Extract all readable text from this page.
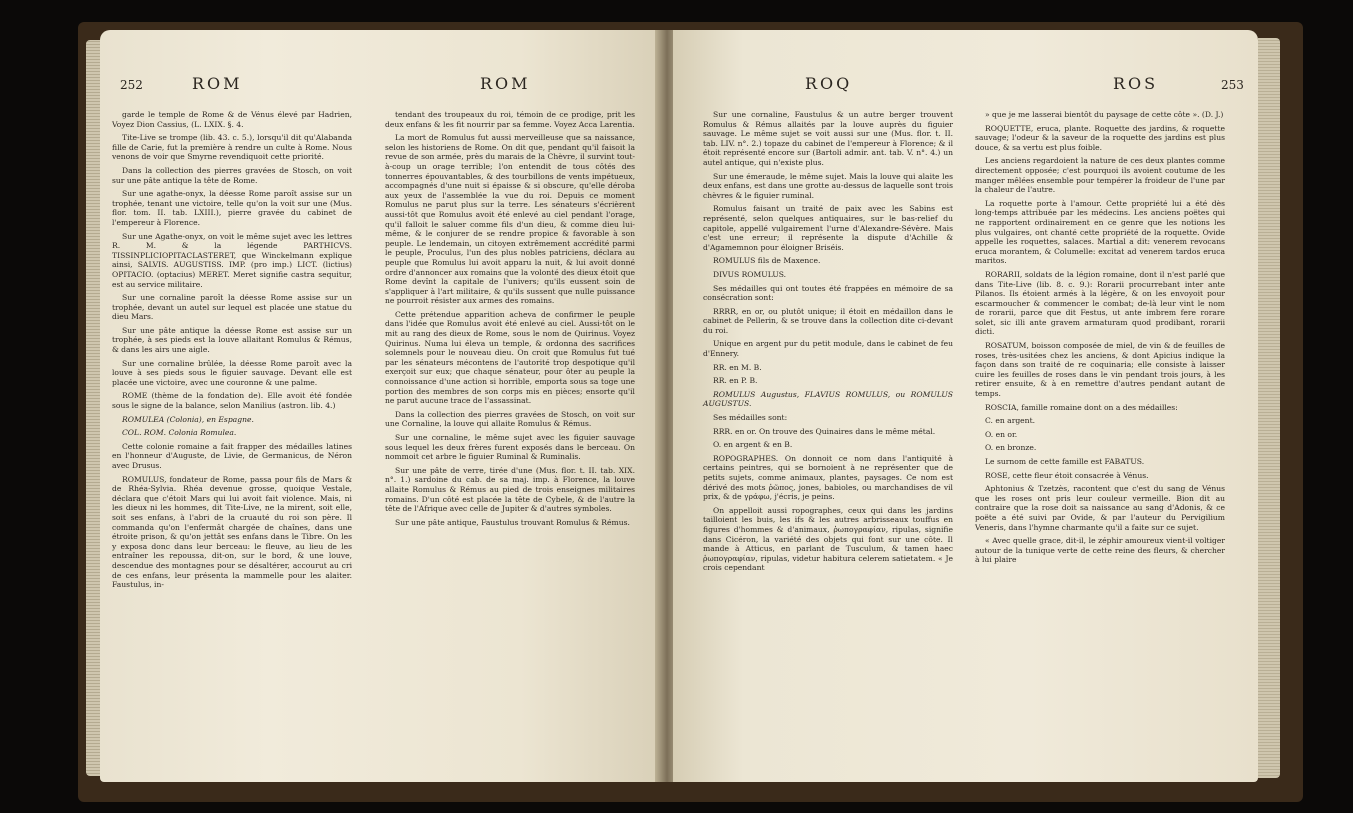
252	ROM	ROM

garde le temple de Rome & de Vénus élevé par Hadrien, Voyez Dion Cassius, (L. LXIX. §. 4.

Tite-Live se trompe (lib. 43. c. 5.), lorsqu'il dit qu'Alabanda fille de Carie, fut la première à rendre un culte à Rome. Nous venons de voir que Smyrne revendiquoit cette priorité.

Dans la collection des pierres gravées de Stosch, on voit sur une pâte antique la tête de Rome.

Sur une agathe-onyx, la déesse Rome paroît assise sur un trophée, tenant une victoire, telle qu'on la voit sur une (Mus. flor. tom. II. tab. LXIII.), pierre gravée du cabinet de l'empereur à Florence.

Sur une Agathe-onyx, on voit le même sujet avec les lettres R. M. & la légende PARTHICVS. TISSINPLICIOPITACLASTERET, que Winckelmann explique ainsi, SALVIS. AUGUSTISS. IMP. (pro imp.) LICT. (lictius) OPITACIO. (optacius) MERET. Meret signifie castra sequitur, est au service militaire.

Sur une cornaline paroît la déesse Rome assise sur un trophée, devant un autel sur lequel est placée une statue du dieu Mars.

Sur une pâte antique la déesse Rome est assise sur un trophée, à ses pieds est la louve allaitant Romulus & Rémus, & dans les airs une aigle.

Sur une cornaline brûlée, la déesse Rome paroît avec la louve à ses pieds sous le figuier sauvage. Devant elle est placée une victoire, avec une couronne & une palme.

ROME (thème de la fondation de). Elle avoit été fondée sous le signe de la balance, selon Manilius (astron. lib. 4.)

ROMULEA (Colonia), en Espagne.

COL. ROM. Colonia Romulea.

Cette colonie romaine a fait frapper des médailles latines en l'honneur d'Auguste, de Livie, de Germanicus, de Néron avec Drusus.

ROMULUS, fondateur de Rome, passa pour fils de Mars & de Rhéa-Sylvia. Rhéa devenue grosse, quoique Vestale, déclara que c'étoit Mars qui lui avoit fait violence. Mais, ni les dieux ni les hommes, dit Tite-Live, ne la mirent, soit elle, soit ses enfans, à l'abri de la cruauté du roi son père. Il commanda qu'on l'enfermât chargée de chaînes, dans une étroite prison, & qu'on jettât ses enfans dans le Tibre. On les y exposa donc dans leur berceau: le fleuve, au lieu de les entraîner les repoussa, dit-on, sur le bord, & une louve, descendue des montagnes pour se désaltérer, accourut au cri de ces enfans, leur présenta la mammelle pour les alaiter. Faustulus, in-

tendant des troupeaux du roi, témoin de ce prodige, prit les deux enfans & les fit nourrir par sa femme. Voyez Acca Larentia.

La mort de Romulus fut aussi merveilleuse que sa naissance, selon les historiens de Rome. On dit que, pendant qu'il faisoit la revue de son armée, près du marais de la Chèvre, il survint tout-à-coup un orage terrible; l'on entendit de tous côtés des tonnerres épouvantables, & des tourbillons de vents impétueux, accompagnés d'une nuit si épaisse & si obscure, qu'elle déroba aux yeux de l'assemblée la vue du roi. Depuis ce moment Romulus ne parut plus sur la terre. Les sénateurs s'écrièrent aussi-tôt que Romulus avoit été enlevé au ciel pendant l'orage, qu'il falloit le saluer comme fils d'un dieu, & comme dieu lui-même, & le conjurer de se rendre propice & favorable à son peuple. Le lendemain, un citoyen extrêmement accrédité parmi le peuple, Proculus, l'un des plus nobles patriciens, déclara au peuple que Romulus lui avoit apparu la nuit, & lui avoit donné ordre d'annoncer aux romains que la volonté des dieux étoit que Rome devînt la capitale de l'univers; qu'ils eussent soin de s'appliquer à l'art militaire, & qu'ils sussent que nulle puissance ne pourroit résister aux armes des romains.

Cette prétendue apparition acheva de confirmer le peuple dans l'idée que Romulus avoit été enlevé au ciel. Aussi-tôt on le mit au rang des dieux de Rome, sous le nom de Quirinus. Voyez Quirinus. Numa lui éleva un temple, & ordonna des sacrifices solemnels pour le nouveau dieu. On croit que Romulus fut tué par les sénateurs mécontens de l'autorité trop despotique qu'il exerçoit sur eux; que chaque sénateur, pour ôter au peuple la connoissance d'une action si horrible, emporta sous sa toge une portion des membres de son corps mis en pièces; ensorte qu'il ne parut aucune trace de l'assassinat.

Dans la collection des pierres gravées de Stosch, on voit sur une Cornaline, la louve qui allaite Romulus & Rémus.

Sur une cornaline, le même sujet avec les figuier sauvage sous lequel les deux frères furent exposés dans le berceau. On nommoit cet arbre le figuier Ruminal & Ruminalis.

Sur une pâte de verre, tirée d'une (Mus. flor. t. II. tab. XIX. n°. 1.) sardoine du cab. de sa maj. imp. à Florence, la louve allaite Romulus & Rémus au pied de trois enseignes militaires romains. D'un côté est placée la tête de Cybele, & de l'autre la tête de l'Afrique avec celle de Jupiter & d'autres symboles.

Sur une pâte antique, Faustulus trouvant Romulus & Rémus.

ROQ	ROS	253

Sur une cornaline, Faustulus & un autre berger trouvent Romulus & Rémus allaités par la louve auprès du figuier sauvage. Le même sujet se voit aussi sur une (Mus. flor. t. II. tab. LIV. n°. 2.) topaze du cabinet de l'empereur à Florence; & il étoit représenté encore sur (Bartoli admir. ant. tab. V. n°. 4.) un autel antique, qui n'existe plus.

Sur une émeraude, le même sujet. Mais la louve qui alaite les deux enfans, est dans une grotte au-dessus de laquelle sont trois chèvres & le figuier ruminal.

Romulus faisant un traité de paix avec les Sabins est représenté, selon quelques antiquaires, sur le bas-relief du capitole, appellé vulgairement l'urne d'Alexandre-Sévère. Mais c'est une erreur; il représente la dispute d'Achille & d'Agamemnon pour éloigner Briséis.

ROMULUS fils de Maxence.

DIVUS ROMULUS.

Ses médailles qui ont toutes été frappées en mémoire de sa consécration sont:

RRRR, en or, ou plutôt unique; il étoit en médaillon dans le cabinet de Pellerin, & se trouve dans la collection dite ci-devant du roi.

Unique en argent pur du petit module, dans le cabinet de feu d'Ennery.

RR. en M. B.

RR. en P. B.

ROMULUS Augustus, FLAVIUS ROMULUS, ou ROMULUS AUGUSTUS.

Ses médailles sont:

RRR. en or. On trouve des Quinaires dans le même métal.

O. en argent & en B.

ROPOGRAPHES. On donnoit ce nom dans l'antiquité à certains peintres, qui se bornoient à ne représenter que de petits sujets, comme animaux, plantes, paysages. Ce nom est dérivé des mots ῥῶπος, jones, babioles, ou marchandises de vil prix, & de γράφω, j'écris, je peins.

On appelloit aussi ropographes, ceux qui dans les jardins tailloient les buis, les ifs & les autres arbrisseaux touffus en figures d'hommes & d'animaux, ῥωπογραφίαν, ripulas, signifie dans Cicéron, la variété des objets qui font sur une côte. Il mande à Atticus, en parlant de Tusculum, & tamen haec ῥωπογραφίαν, ripulas, videtur habitura celerem satietatem. « Je crois cependant

» que je me lasserai bientôt du paysage de cette côte ». (D. J.)

ROQUETTE, eruca, plante. Roquette des jardins, & roquette sauvage; l'odeur & la saveur de la roquette des jardins est plus douce, & sa vertu est plus foible.

Les anciens regardoient la nature de ces deux plantes comme directement opposée; c'est pourquoi ils avoient coutume de les manger mêlées ensemble pour tempérer la froideur de l'une par la chaleur de l'autre.

La roquette porte à l'amour. Cette propriété lui a été dès long-temps attribuée par les médecins. Les anciens poëtes qui ne rapportent ordinairement en ce genre que les notions les plus vulgaires, ont chanté cette propriété de la roquette. Ovide appelle les roquettes, salaces. Martial a dit: venerem revocans eruca morantem, & Columelle: excitat ad venerem tardos eruca maritos.

RORARII, soldats de la légion romaine, dont il n'est parlé que dans Tite-Live (lib. 8. c. 9.): Rorarii procurrebant inter ante Pilanos. Ils étoient armés à la légère, & on les envoyoit pour escarmoucher & commencer le combat; de-là leur vint le nom de rorarii, parce que dit Festus, ut ante imbrem fere rorare solet, sic illi ante gravem armaturam quod prodibant, rorarii dicti.

ROSATUM, boisson composée de miel, de vin & de feuilles de roses, très-usitées chez les anciens, & dont Apicius indique la façon dans son traité de re coquinaria; elle consiste à laisser cuire les feuilles de roses dans le vin pendant trois jours, à les retirer ensuite, & à en remettre d'autres pendant autant de temps.

ROSCIA, famille romaine dont on a des médailles:

C. en argent.

O. en or.

O. en bronze.

Le surnom de cette famille est FABATUS.

ROSE, cette fleur étoit consacrée à Vénus.

Aphtonius & Tzetzès, racontent que c'est du sang de Vénus que les roses ont pris leur couleur vermeille. Bion dit au contraire que la rose doit sa naissance au sang d'Adonis, & ce poëte a été suivi par Ovide, & par l'auteur du Pervigilium Veneris, dans l'hymne charmante qu'il a faite sur ce sujet.

« Avec quelle grace, dit-il, le zéphir amoureux vient-il voltiger autour de la tunique verte de cette reine des fleurs, & chercher à lui plaire
